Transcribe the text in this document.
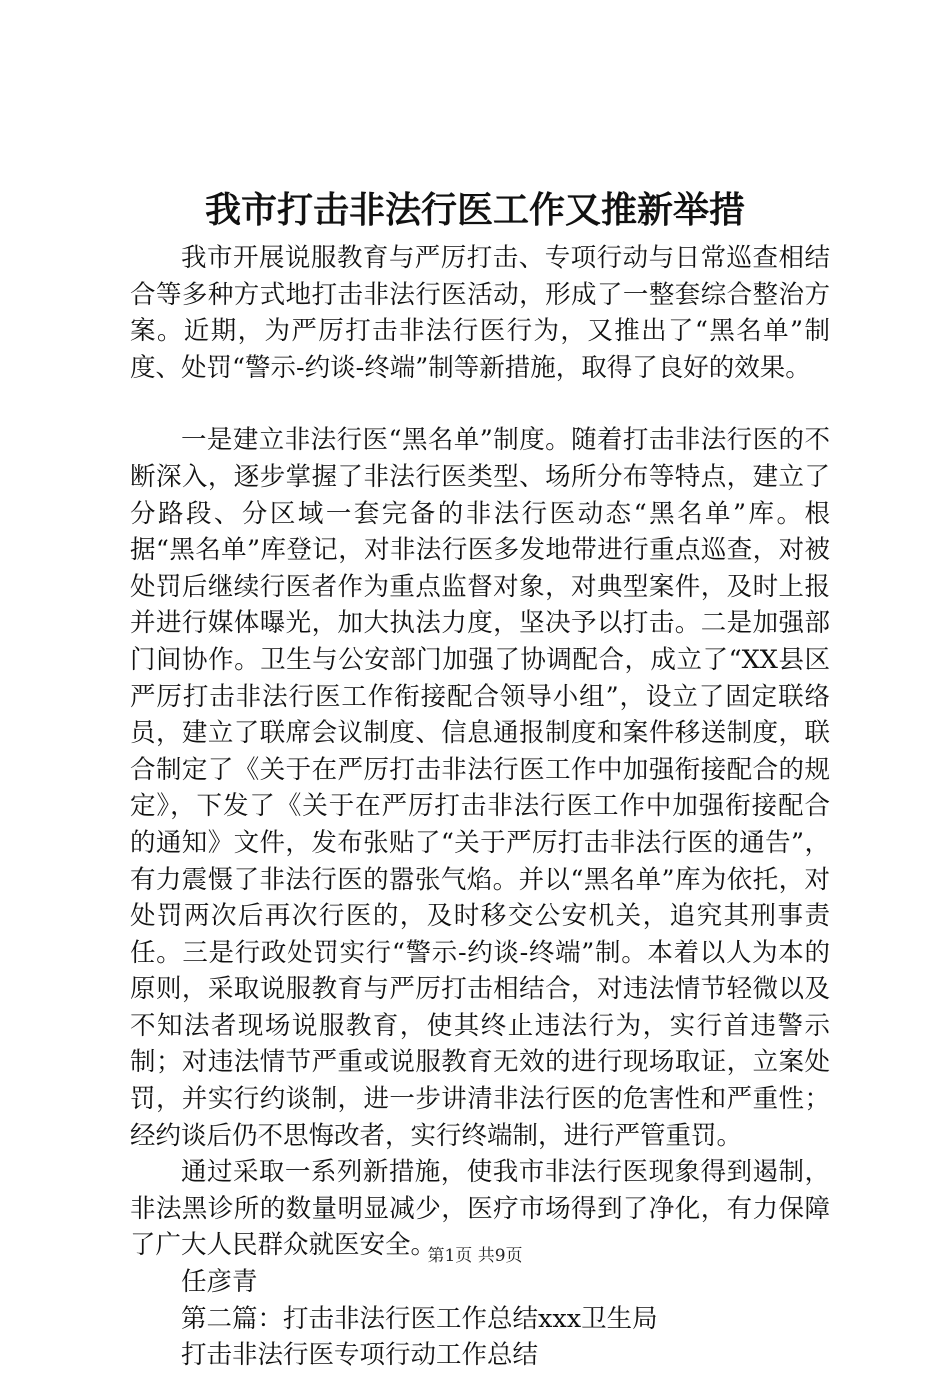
我市打击非法行医工作又推新举措

我市开展说服教育与严厉打击、专项行动与日常巡查相结合等多种方式地打击非法行医活动，形成了一整套综合整治方案。近期，为严厉打击非法行医行为，又推出了“黑名单”制度、处罚“警示-约谈-终端”制等新措施，取得了良好的效果。

一是建立非法行医“黑名单”制度。随着打击非法行医的不断深入，逐步掌握了非法行医类型、场所分布等特点，建立了分路段、分区域一套完备的非法行医动态“黑名单”库。根据“黑名单”库登记，对非法行医多发地带进行重点巡查，对被处罚后继续行医者作为重点监督对象，对典型案件，及时上报并进行媒体曝光，加大执法力度，坚决予以打击。二是加强部门间协作。卫生与公安部门加强了协调配合，成立了“XX县区严厉打击非法行医工作衔接配合领导小组”，设立了固定联络员，建立了联席会议制度、信息通报制度和案件移送制度，联合制定了《关于在严厉打击非法行医工作中加强衔接配合的规定》，下发了《关于在严厉打击非法行医工作中加强衔接配合的通知》文件，发布张贴了“关于严厉打击非法行医的通告”，有力震慑了非法行医的嚣张气焰。并以“黑名单”库为依托，对处罚两次后再次行医的，及时移交公安机关，追究其刑事责任。三是行政处罚实行“警示-约谈-终端”制。本着以人为本的原则，采取说服教育与严厉打击相结合，对违法情节轻微以及不知法者现场说服教育，使其终止违法行为，实行首违警示制；对违法情节严重或说服教育无效的进行现场取证，立案处罚，并实行约谈制，进一步讲清非法行医的危害性和严重性；经约谈后仍不思悔改者，实行终端制，进行严管重罚。

通过采取一系列新措施，使我市非法行医现象得到遏制，非法黑诊所的数量明显减少，医疗市场得到了净化，有力保障了广大人民群众就医安全。

任彦青

第二篇：打击非法行医工作总结xxx卫生局

打击非法行医专项行动工作总结

第1页 共9页
